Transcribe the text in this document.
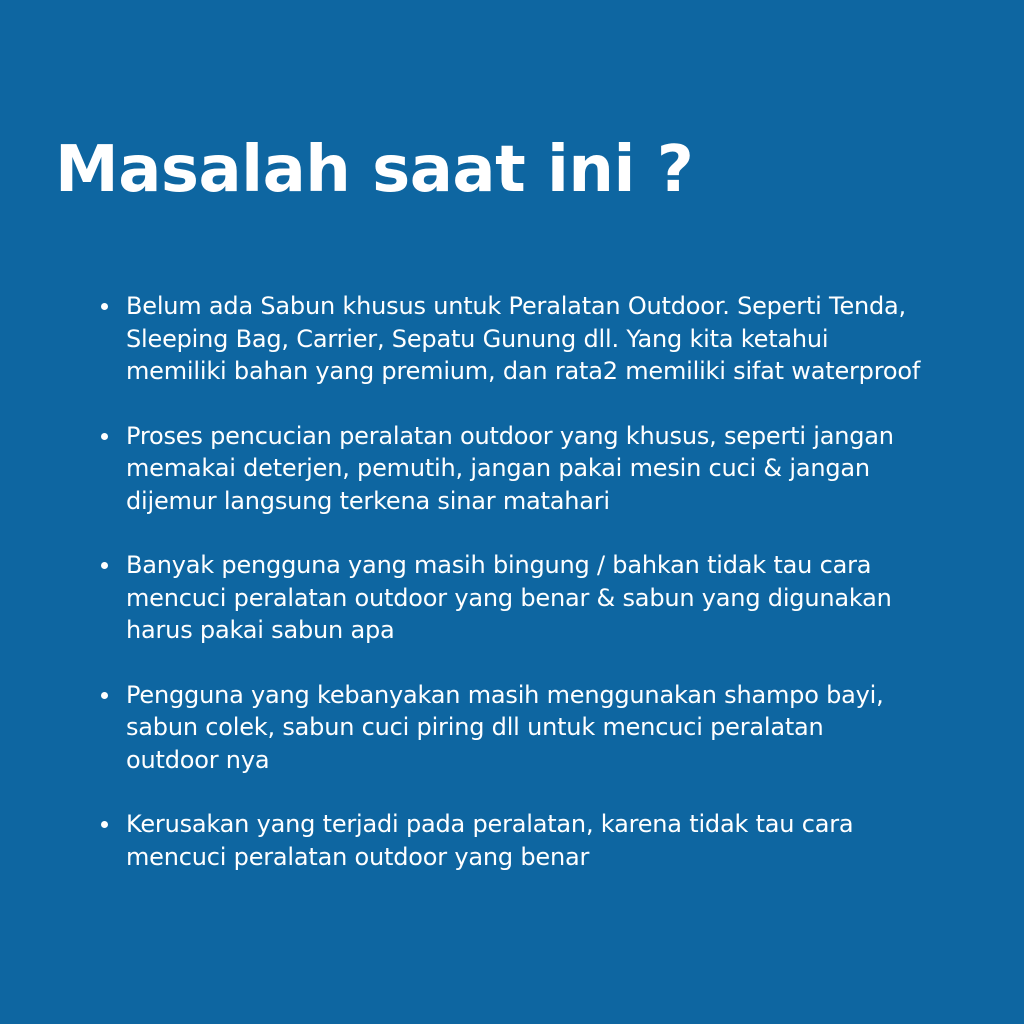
Masalah saat ini ?
Belum ada Sabun khusus untuk Peralatan Outdoor. Seperti Tenda,
Sleeping Bag, Carrier, Sepatu Gunung dll. Yang kita ketahui
memiliki bahan yang premium, dan rata2 memiliki sifat waterproof
Proses pencucian peralatan outdoor yang khusus, seperti jangan
memakai deterjen, pemutih, jangan pakai mesin cuci & jangan
dijemur langsung terkena sinar matahari
Banyak pengguna yang masih bingung / bahkan tidak tau cara
mencuci peralatan outdoor yang benar & sabun yang digunakan
harus pakai sabun apa
Pengguna yang kebanyakan masih menggunakan shampo bayi,
sabun colek, sabun cuci piring dll untuk mencuci peralatan
outdoor nya
Kerusakan yang terjadi pada peralatan, karena tidak tau cara
mencuci peralatan outdoor yang benar
